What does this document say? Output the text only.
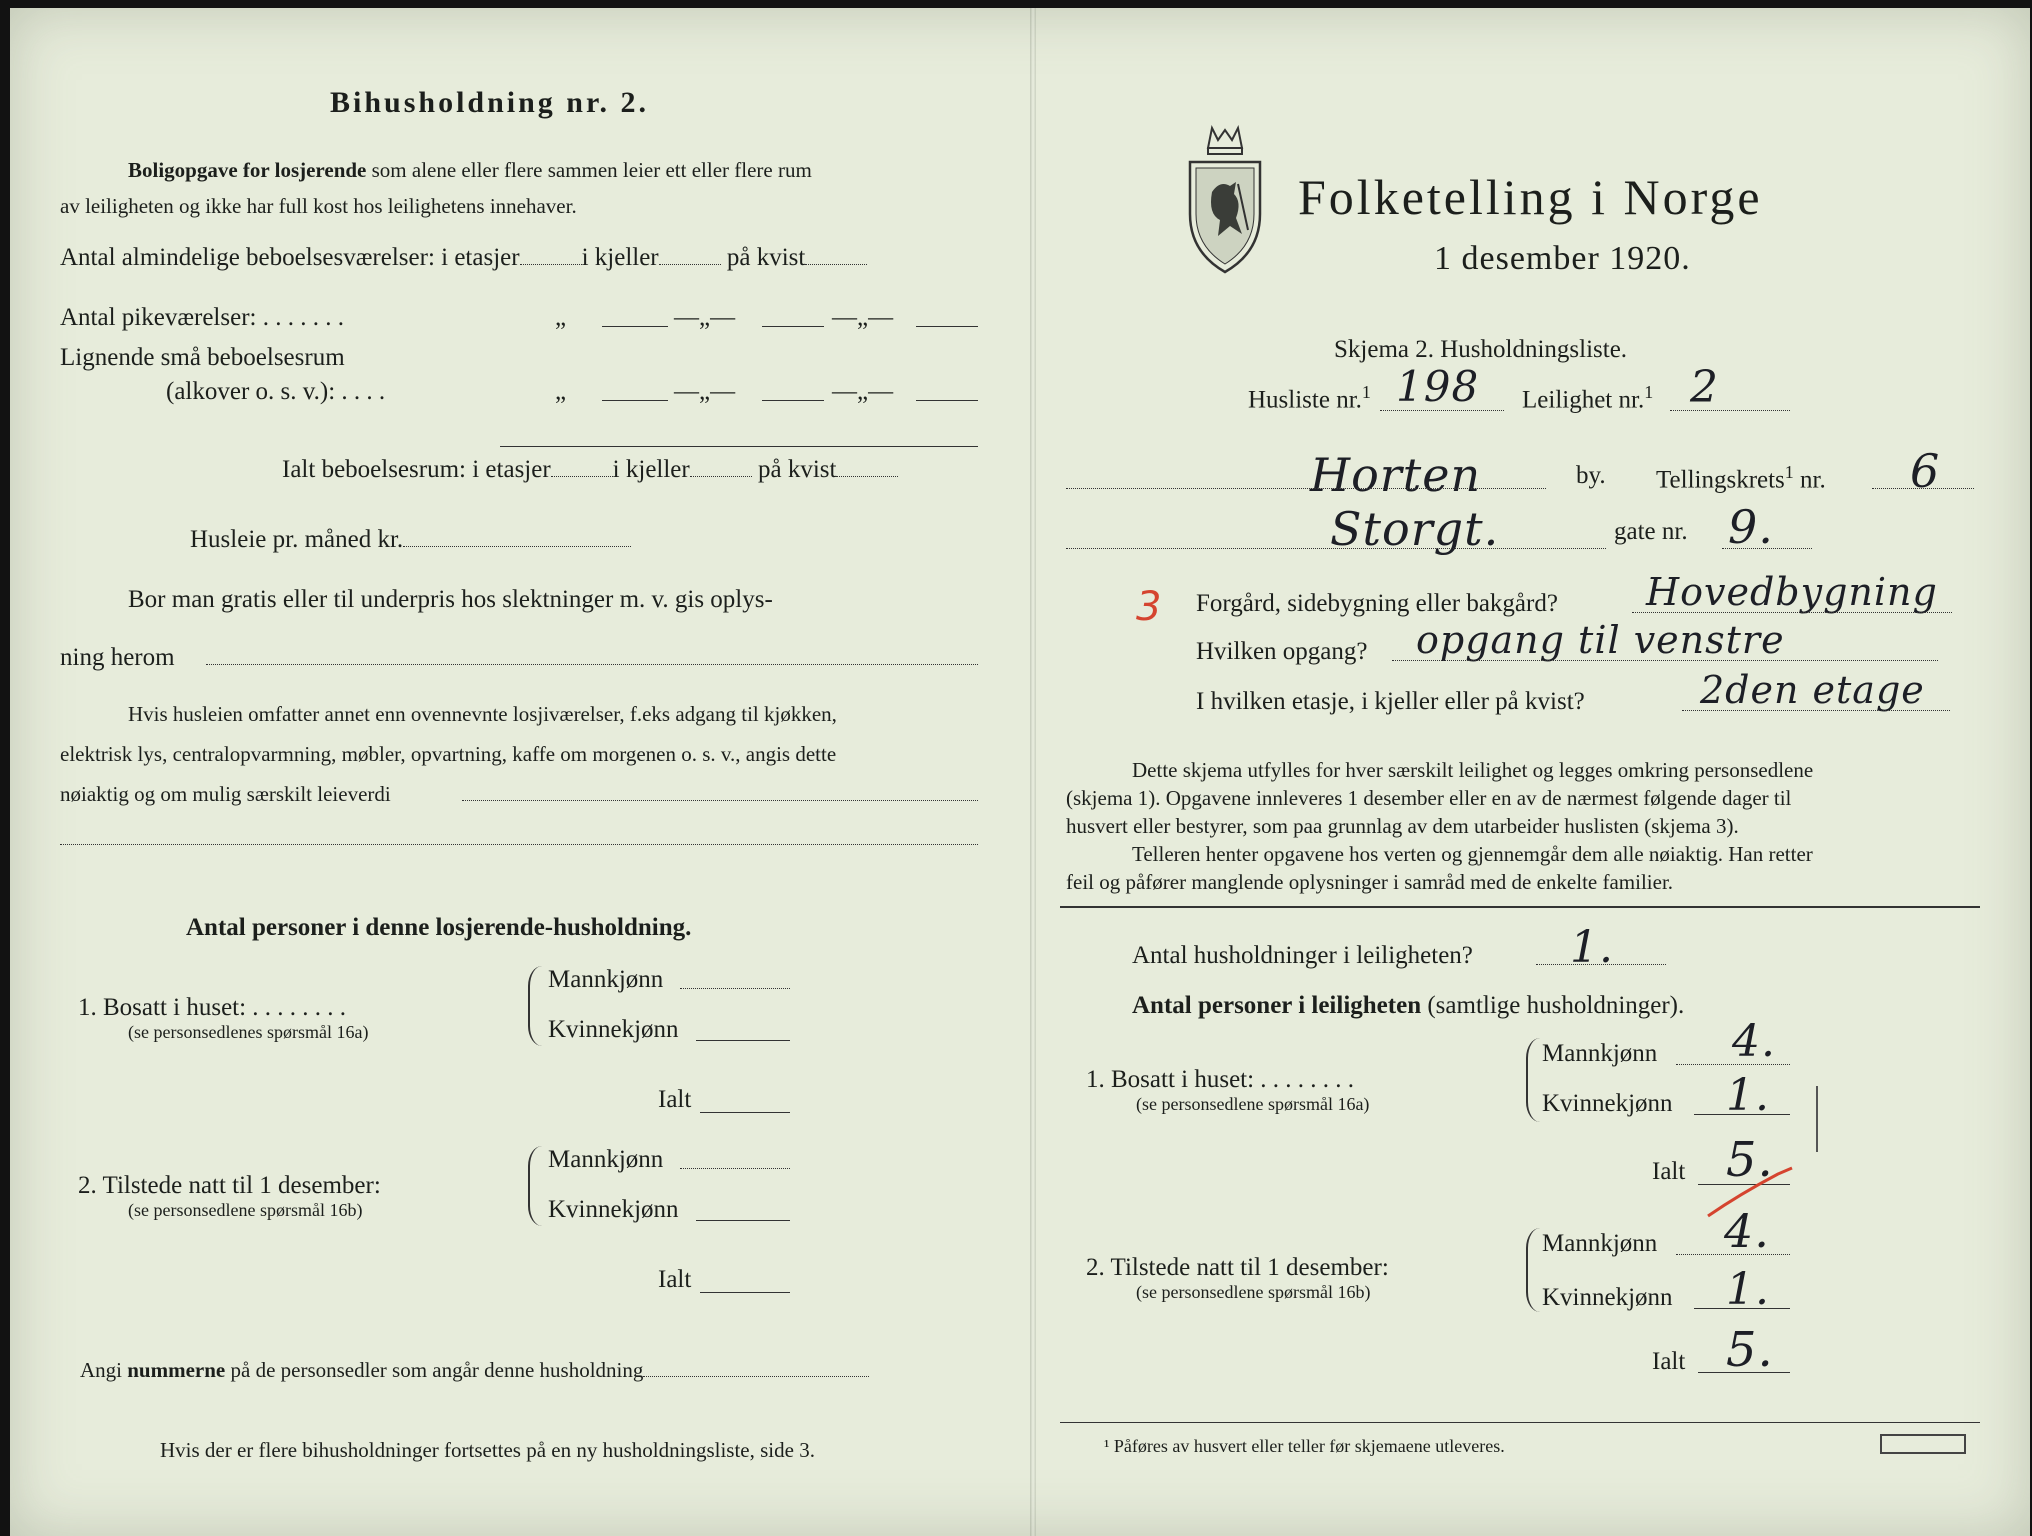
Bihusholdning nr. 2.
Boligopgave for losjerende som alene eller flere sammen leier ett eller flere rum
av leiligheten og ikke har full kost hos leilighetens innehaver.
Antal almindelige beboelsesværelser: i etasjer i kjeller	på kvist
Antal pikeværelser: . . . . . . .	„	—„—	—„—
Lignende små beboelsesrum
(alkover o. s. v.): . . . .	„	—„—	—„—
Ialt beboelsesrum: i etasjer i kjeller	på kvist
Husleie pr. måned kr.
Bor man gratis eller til underpris hos slektninger m. v. gis oplys-
ning herom
Hvis husleien omfatter annet enn ovennevnte losjiværelser, f.eks adgang til kjøkken,
elektrisk lys, centralopvarmning, møbler, opvartning, kaffe om morgenen o. s. v., angis dette
nøiaktig og om mulig særskilt leieverdi
Antal personer i denne losjerende-husholdning.
1. Bosatt i huset: . . . . . . . .
(se personsedlenes spørsmål 16a)
Mannkjønn
Kvinnekjønn
Ialt
2. Tilstede natt til 1 desember:
(se personsedlene spørsmål 16b)
Mannkjønn
Kvinnekjønn
Ialt
Angi nummerne på de personsedler som angår denne husholdning
Hvis der er flere bihusholdninger fortsettes på en ny husholdningsliste, side 3.
Folketelling i Norge
1 desember 1920.
Skjema 2. Husholdningsliste.
Husliste nr.$^1$ 198 Leilighet nr.$^1$ 2
Horten	by. Tellingskrets$^1$ nr. 6
Storgt.	gate nr. 9.
3 Forgård, sidebygning eller bakgård? Hovedbygning
Hvilken opgang? opgang til venstre
I hvilken etasje, i kjeller eller på kvist?	2den etage
Dette skjema utfylles for hver særskilt leilighet og legges omkring personsedlene
(skjema 1). Opgavene innleveres 1 desember eller en av de nærmest følgende dager til
husvert eller bestyrer, som paa grunnlag av dem utarbeider huslisten (skjema 3).
Telleren henter opgavene hos verten og gjennemgår dem alle nøiaktig. Han retter
feil og påfører manglende oplysninger i samråd med de enkelte familier.
Antal husholdninger i leiligheten? 1.
Antal personer i leiligheten (samtlige husholdninger).
1. Bosatt i huset: . . . . . . . .
(se personsedlene spørsmål 16a)
Mannkjønn 4.
Kvinnekjønn 1.
Ialt 5.
2. Tilstede natt til 1 desember:
(se personsedlene spørsmål 16b)
Mannkjønn 4.
Kvinnekjønn 1.
Ialt 5.
¹ Påføres av husvert eller teller før skjemaene utleveres.
